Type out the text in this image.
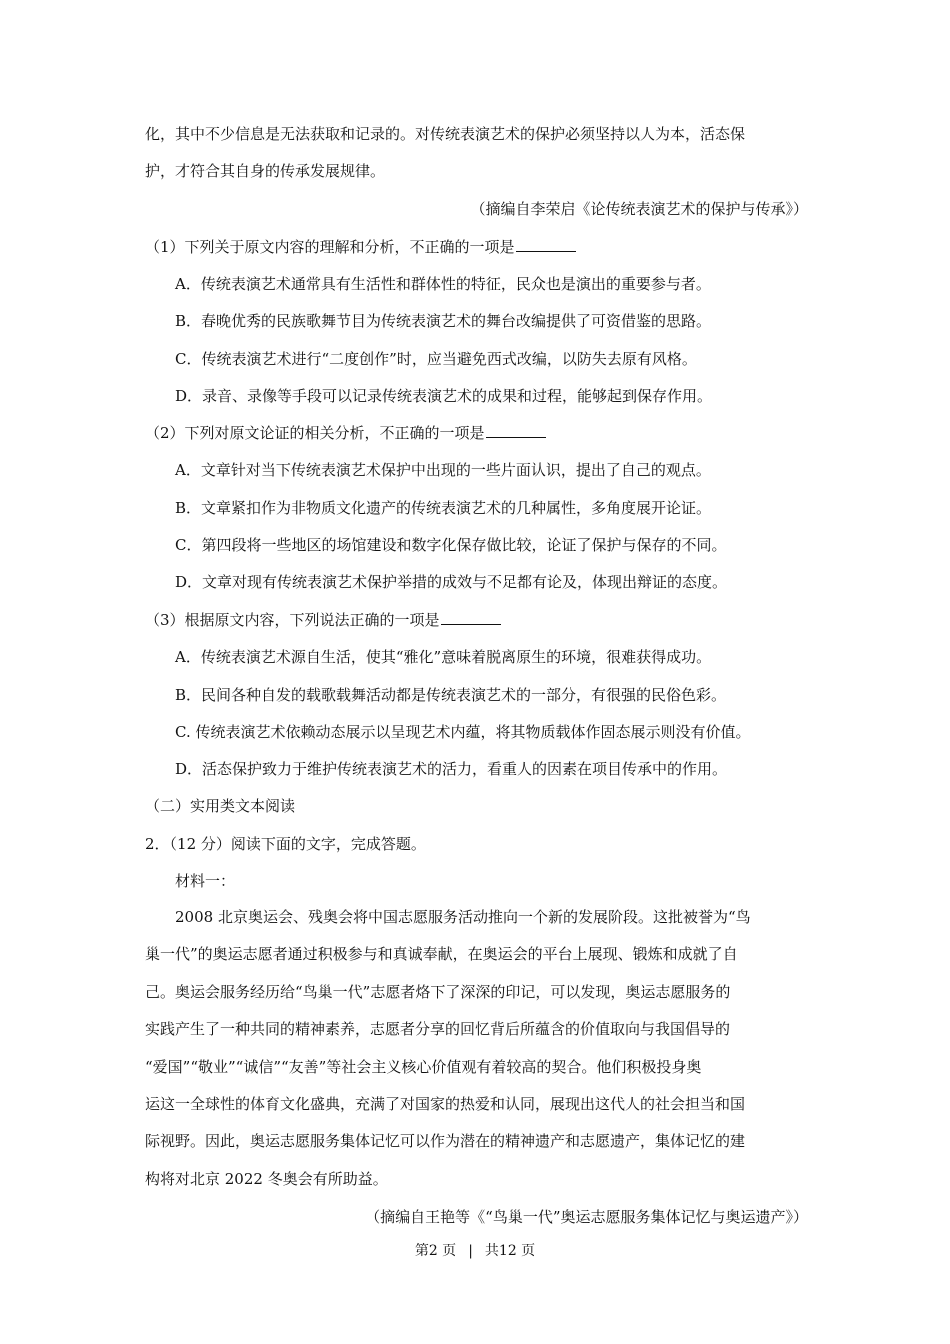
化，其中不少信息是无法获取和记录的。对传统表演艺术的保护必须坚持以人为本，活态保
护，才符合其自身的传承发展规律。
（摘编自李荣启《论传统表演艺术的保护与传承》）
（1）下列关于原文内容的理解和分析，不正确的一项是
A．传统表演艺术通常具有生活性和群体性的特征，民众也是演出的重要参与者。
B．春晚优秀的民族歌舞节目为传统表演艺术的舞台改编提供了可资借鉴的思路。
C．传统表演艺术进行“二度创作”时，应当避免西式改编，以防失去原有风格。
D．录音、录像等手段可以记录传统表演艺术的成果和过程，能够起到保存作用。
（2）下列对原文论证的相关分析，不正确的一项是
A．文章针对当下传统表演艺术保护中出现的一些片面认识，提出了自己的观点。
B．文章紧扣作为非物质文化遗产的传统表演艺术的几种属性，多角度展开论证。
C．第四段将一些地区的场馆建设和数字化保存做比较，论证了保护与保存的不同。
D．文章对现有传统表演艺术保护举措的成效与不足都有论及，体现出辩证的态度。
（3）根据原文内容，下列说法正确的一项是
A．传统表演艺术源自生活，使其“雅化”意味着脱离原生的环境，很难获得成功。
B．民间各种自发的载歌载舞活动都是传统表演艺术的一部分，有很强的民俗色彩。
C. 传统表演艺术依赖动态展示以呈现艺术内蕴，将其物质载体作固态展示则没有价值。
D．活态保护致力于维护传统表演艺术的活力，看重人的因素在项目传承中的作用。
（二）实用类文本阅读
2．（12 分）阅读下面的文字，完成答题。
材料一：
2008 北京奥运会、残奥会将中国志愿服务活动推向一个新的发展阶段。这批被誉为“鸟
巢一代”的奥运志愿者通过积极参与和真诚奉献，在奥运会的平台上展现、锻炼和成就了自
己。奥运会服务经历给“鸟巢一代”志愿者烙下了深深的印记，可以发现，奥运志愿服务的
实践产生了一种共同的精神素养，志愿者分享的回忆背后所蕴含的价值取向与我国倡导的
“爱国”“敬业”“诚信”“友善”等社会主义核心价值观有着较高的契合。他们积极投身奥
运这一全球性的体育文化盛典，充满了对国家的热爱和认同，展现出这代人的社会担当和国
际视野。因此，奥运志愿服务集体记忆可以作为潜在的精神遗产和志愿遗产，集体记忆的建
构将对北京 2022 冬奥会有所助益。
（摘编自王艳等《“鸟巢一代”奥运志愿服务集体记忆与奥运遗产》）
第2 页 | 共12 页
